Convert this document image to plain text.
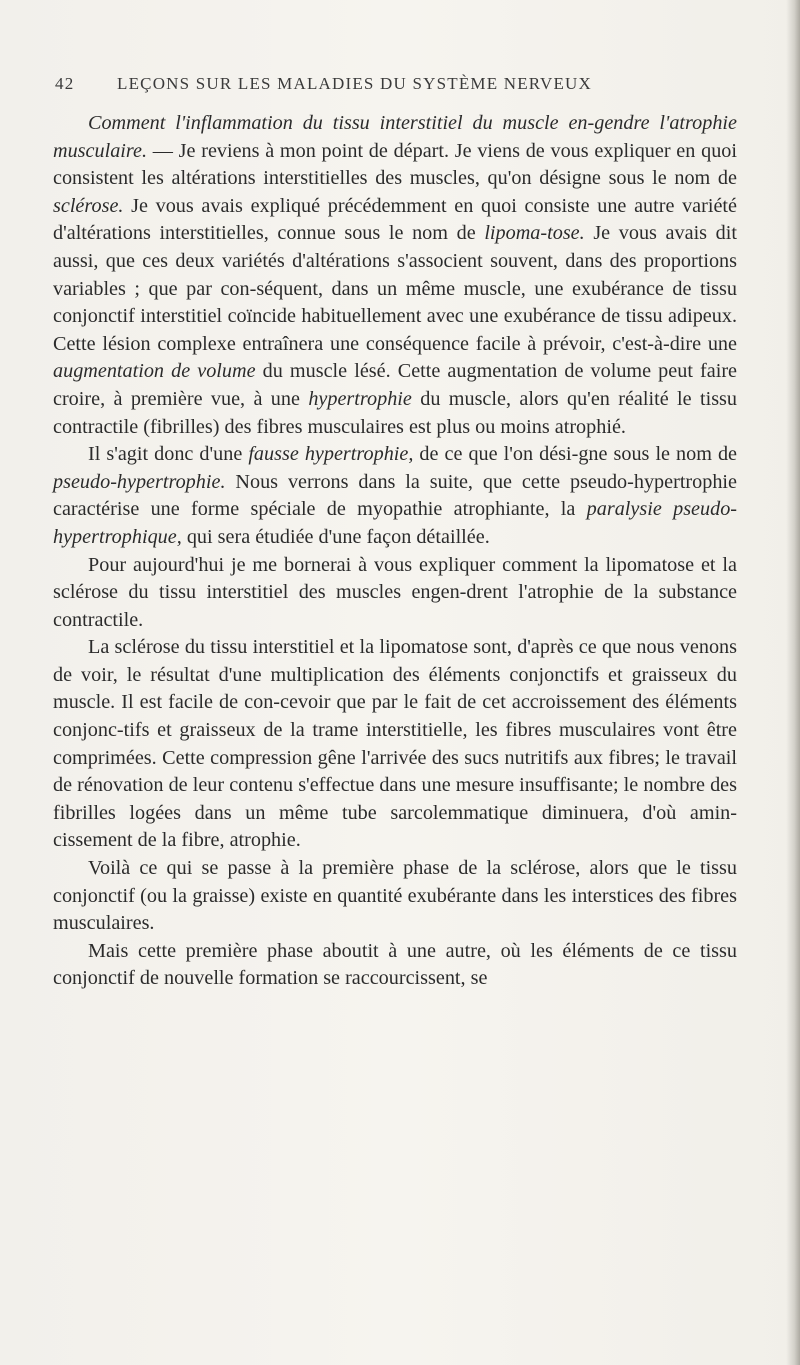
42	LEÇONS SUR LES MALADIES DU SYSTÈME NERVEUX

Comment l'inflammation du tissu interstitiel du muscle en-gendre l'atrophie musculaire. — Je reviens à mon point de départ. Je viens de vous expliquer en quoi consistent les altérations interstitielles des muscles, qu'on désigne sous le nom de sclérose. Je vous avais expliqué précédemment en quoi consiste une autre variété d'altérations interstitielles, connue sous le nom de lipoma-tose. Je vous avais dit aussi, que ces deux variétés d'altérations s'associent souvent, dans des proportions variables ; que par con-séquent, dans un même muscle, une exubérance de tissu conjonctif interstitiel coïncide habituellement avec une exubérance de tissu adipeux. Cette lésion complexe entraînera une conséquence facile à prévoir, c'est-à-dire une augmentation de volume du muscle lésé. Cette augmentation de volume peut faire croire, à première vue, à une hypertrophie du muscle, alors qu'en réalité le tissu contractile (fibrilles) des fibres musculaires est plus ou moins atrophié.

Il s'agit donc d'une fausse hypertrophie, de ce que l'on dési-gne sous le nom de pseudo-hypertrophie. Nous verrons dans la suite, que cette pseudo-hypertrophie caractérise une forme spéciale de myopathie atrophiante, la paralysie pseudo-hypertrophique, qui sera étudiée d'une façon détaillée.

Pour aujourd'hui je me bornerai à vous expliquer comment la lipomatose et la sclérose du tissu interstitiel des muscles engen-drent l'atrophie de la substance contractile.

La sclérose du tissu interstitiel et la lipomatose sont, d'après ce que nous venons de voir, le résultat d'une multiplication des éléments conjonctifs et graisseux du muscle. Il est facile de con-cevoir que par le fait de cet accroissement des éléments conjonc-tifs et graisseux de la trame interstitielle, les fibres musculaires vont être comprimées. Cette compression gêne l'arrivée des sucs nutritifs aux fibres; le travail de rénovation de leur contenu s'effectue dans une mesure insuffisante; le nombre des fibrilles logées dans un même tube sarcolemmatique diminuera, d'où amin-cissement de la fibre, atrophie.

Voilà ce qui se passe à la première phase de la sclérose, alors que le tissu conjonctif (ou la graisse) existe en quantité exubérante dans les interstices des fibres musculaires.

Mais cette première phase aboutit à une autre, où les éléments de ce tissu conjonctif de nouvelle formation se raccourcissent, se
